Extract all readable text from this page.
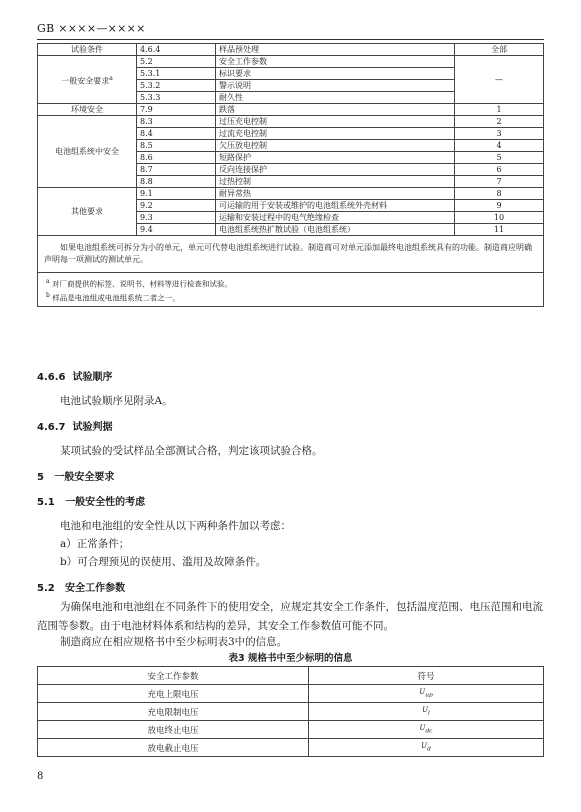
GB ××××—××××
试验条件	4.6.4	样品预处理	全部
一般安全要求$^a$	5.2	安全工作参数	—
	5.3.1	标识要求	
	5.3.2	警示说明	
	5.3.3	耐久性	
环境安全	7.9	跌落	1
电池组系统中安全	8.3	过压充电控制	2
	8.4	过流充电控制	3
	8.5	欠压放电控制	4
	8.6	短路保护	5
	8.7	反向连接保护	6
	8.8	过热控制	7
其他要求	9.1	耐异常热	8
	9.2	可运输的用于安装或维护的电池组系统外壳材料	9
	9.3	运输和安装过程中的电气绝缘检查	10
	9.4	电池组系统热扩散试验（电池组系统）	11

如果电池组系统可拆分为小的单元，单元可代替电池组系统进行试验。制造商可对单元添加最终电池组系统具有的功能。制造商应明确声明每一项测试的测试单元。			

$^a$ 对厂商提供的标签、说明书、材料等进行检查和试验。
$^b$ 样品是电池组或电池组系统二者之一。			
4.6.6 试验顺序
电池试验顺序见附录A。
4.6.7 试验判据
某项试验的受试样品全部测试合格，判定该项试验合格。
5 一般安全要求
5.1 一般安全性的考虑
电池和电池组的安全性从以下两种条件加以考虑：
a）正常条件；
b）可合理预见的误使用、滥用及故障条件。
5.2 安全工作参数

为确保电池和电池组在不同条件下的使用安全，应规定其安全工作条件，包括温度范围、电压范围和电流范围等参数。由于电池材料体系和结构的差异，其安全工作参数值可能不同。

制造商应在相应规格书中至少标明表3中的信息。
表3 规格书中至少标明的信息
安全工作参数	符号
充电上限电压	$U_{up}$
充电限制电压	$U_l$
放电终止电压	$U_{dc}$
放电截止电压	$U_d$
8
